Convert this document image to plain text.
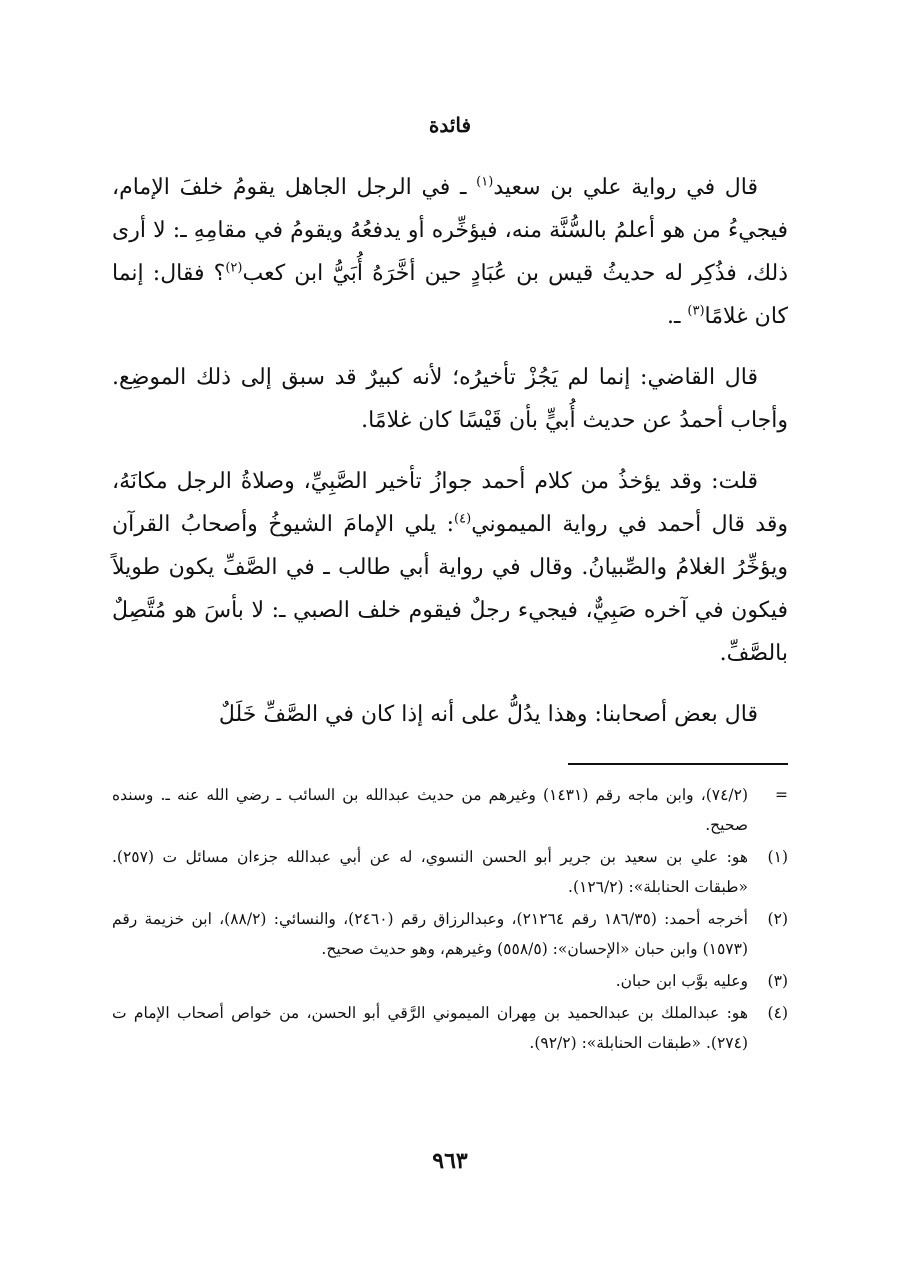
فائدة

قال في رواية علي بن سعيد$^{(١)}$ ـ في الرجل الجاهل يقومُ خلفَ الإمام، فيجيءُ من هو أعلمُ بالسُّنَّة منه، فيؤخِّره أو يدفعُهُ ويقومُ في مقامِهِ ـ: لا أرى ذلك، فذُكِر له حديثُ قيس بن عُبَادٍ حين أخَّرَهُ أُبَيُّ ابن كعب$^{(٢)}$؟ فقال: إنما كان غلامًا$^{(٣)}$ ـ.

قال القاضي: إنما لم يَجُزْ تأخيرُه؛ لأنه كبيرٌ قد سبق إلى ذلك الموضِع. وأجاب أحمدُ عن حديث أُبيٍّ بأن قَيْسًا كان غلامًا.

قلت: وقد يؤخذُ من كلام أحمد جوازُ تأخير الصَّبِيِّ، وصلاةُ الرجل مكانَهُ، وقد قال أحمد في رواية الميموني$^{(٤)}$: يلي الإمامَ الشيوخُ وأصحابُ القرآن ويؤخِّرُ الغلامُ والصِّبيانُ. وقال في رواية أبي طالب ـ في الصَّفِّ يكون طويلاً فيكون في آخره صَبِيٌّ، فيجيء رجلٌ فيقوم خلف الصبي ـ: لا بأسَ هو مُتَّصِلٌ بالصَّفِّ.

قال بعض أصحابنا: وهذا يدُلُّ على أنه إذا كان في الصَّفِّ خَلَلٌ

=
(٧٤/٢)، وابن ماجه رقم (١٤٣١) وغيرهم من حديث عبدالله بن السائب ـ رضي الله عنه ـ. وسنده صحيح.
(١)
هو: علي بن سعيد بن جرير أبو الحسن النسوي، له عن أبي عبدالله جزءان مسائل ت (٢٥٧). «طبقات الحنابلة»: (١٢٦/٢).
(٢)
أخرجه أحمد: (١٨٦/٣٥ رقم ٢١٢٦٤)، وعبدالرزاق رقم (٢٤٦٠)، والنسائي: (٨٨/٢)، ابن خزيمة رقم (١٥٧٣) وابن حبان «الإحسان»: (٥٥٨/٥) وغيرهم، وهو حديث صحيح.
(٣)
وعليه بوَّب ابن حبان.
(٤)
هو: عبدالملك بن عبدالحميد بن مِهران الميموني الرَّقي أبو الحسن، من خواص أصحاب الإمام ت (٢٧٤). «طبقات الحنابلة»: (٩٢/٢).
٩٦٣
